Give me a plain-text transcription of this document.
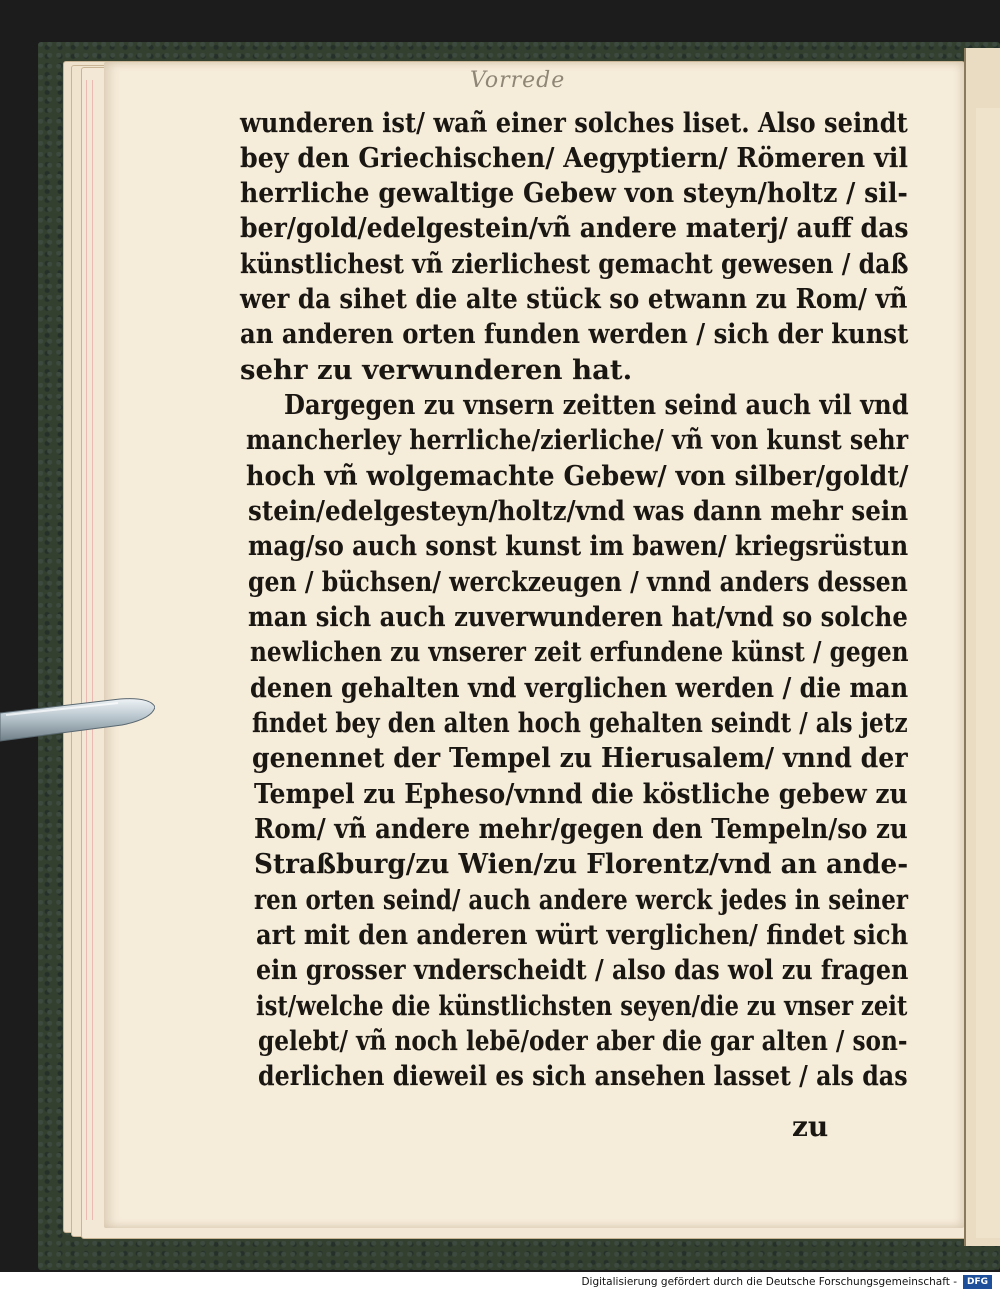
Vorrede
wunderen ist/ wañ einer solches liset. Also seindt
bey den Griechischen/ Aegyptiern/ Römeren vil
herrliche gewaltige Gebew von steyn/holtz / sil-
ber/gold/edelgestein/vñ andere materj/ auff das
künstlichest vñ zierlichest gemacht gewesen / daß
wer da sihet die alte stück so etwann zu Rom/ vñ
an anderen orten funden werden / sich der kunst
sehr zu verwunderen hat.
Dargegen zu vnsern zeitten seind auch vil vnd
mancherley herrliche/zierliche/ vñ von kunst sehr
hoch vñ wolgemachte Gebew/ von silber/goldt/
stein/edelgesteyn/holtz/vnd was dann mehr sein
mag/so auch sonst kunst im bawen/ kriegsrüstun
gen / büchsen/ werckzeugen / vnnd anders dessen
man sich auch zuverwunderen hat/vnd so solche
newlichen zu vnserer zeit erfundene künst / gegen
denen gehalten vnd verglichen werden / die man
findet bey den alten hoch gehalten seindt / als jetz
genennet der Tempel zu Hierusalem/ vnnd der
Tempel zu Epheso/vnnd die köstliche gebew zu
Rom/ vñ andere mehr/gegen den Tempeln/so zu
Straßburg/zu Wien/zu Florentz/vnd an ande-
ren orten seind/ auch andere werck jedes in seiner
art mit den anderen würt verglichen/ findet sich
ein grosser vnderscheidt / also das wol zu fragen
ist/welche die künstlichsten seyen/die zu vnser zeit
gelebt/ vñ noch lebē/oder aber die gar alten / son-
derlichen dieweil es sich ansehen lasset / als das
zu
Digitalisierung gefördert durch die Deutsche Forschungsgemeinschaft -	DFG
